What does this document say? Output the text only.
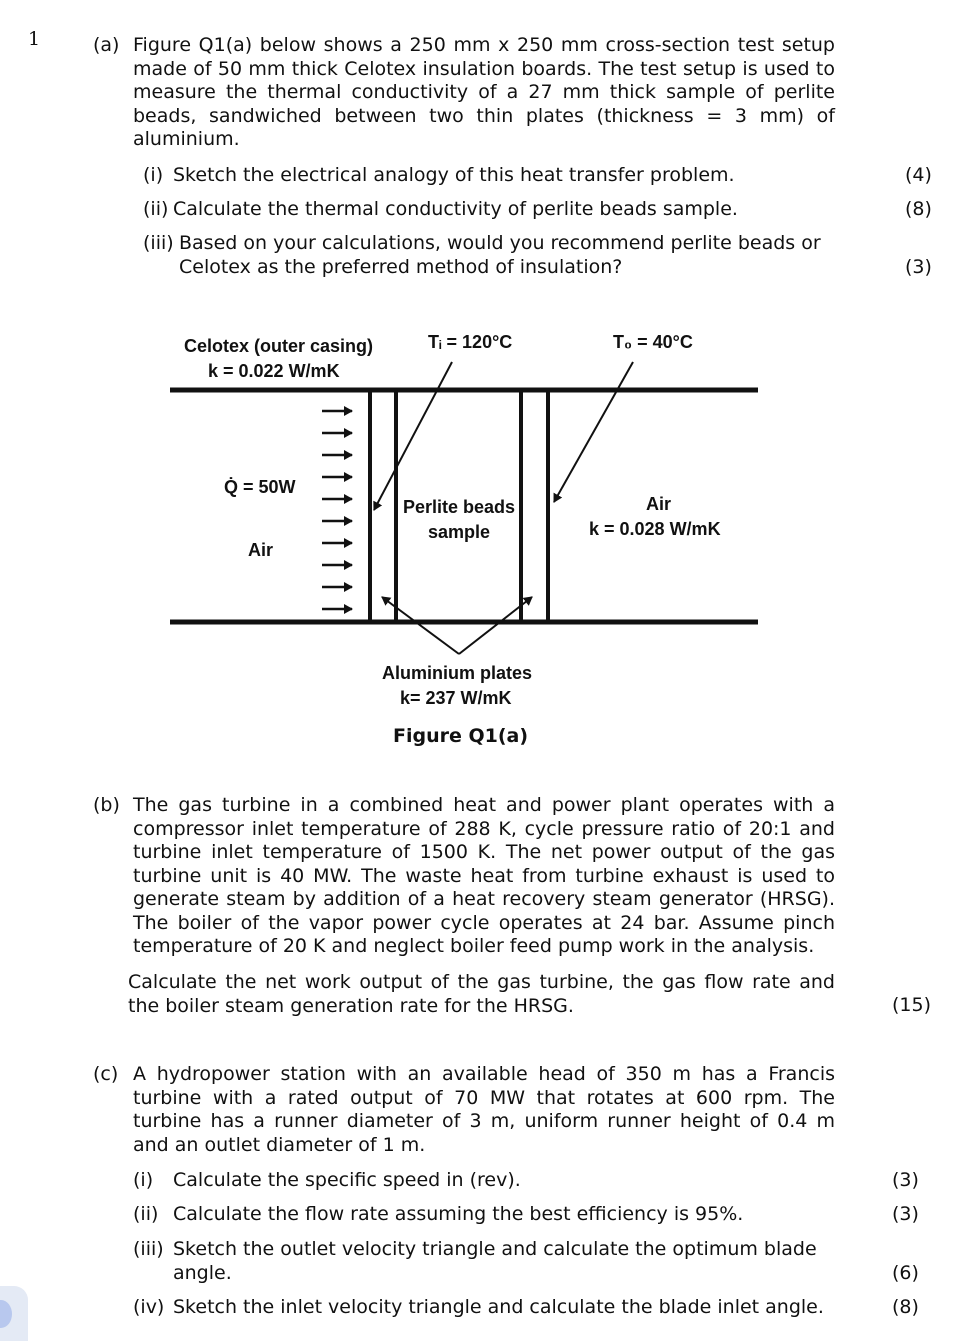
1	(a) Figure Q1(a) below shows a 250 mm x 250 mm cross-section test setup made of 50 mm thick Celotex insulation boards. The test setup is used to measure the thermal conductivity of a 27 mm thick sample of perlite beads, sandwiched between two thin plates (thickness = 3 mm) of aluminium.
(i) Sketch the electrical analogy of this heat transfer problem.	(4)
(ii) Calculate the thermal conductivity of perlite beads sample.	(8)
(iii) Based on your calculations, would you recommend perlite beads or Celotex as the preferred method of insulation?	(3)
Celotex (outer casing)
k = 0.022 W/mK
Tᵢ = 120°C	T₀ = 40°C
Q̇ = 50W
Air
Perlite beads
sample
Air
k = 0.028 W/mK
Aluminium plates
k= 237 W/mK
Figure Q1(a)
(b) The gas turbine in a combined heat and power plant operates with a compressor inlet temperature of 288 K, cycle pressure ratio of 20:1 and turbine inlet temperature of 1500 K. The net power output of the gas turbine unit is 40 MW. The waste heat from turbine exhaust is used to generate steam by addition of a heat recovery steam generator (HRSG). The boiler of the vapor power cycle operates at 24 bar. Assume pinch temperature of 20 K and neglect boiler feed pump work in the analysis.
Calculate the net work output of the gas turbine, the gas flow rate and the boiler steam generation rate for the HRSG.	(15)
(c) A hydropower station with an available head of 350 m has a Francis turbine with a rated output of 70 MW that rotates at 600 rpm. The turbine has a runner diameter of 3 m, uniform runner height of 0.4 m and an outlet diameter of 1 m.
(i) Calculate the specific speed in (rev).	(3)
(ii) Calculate the flow rate assuming the best efficiency is 95%.	(3)
(iii) Sketch the outlet velocity triangle and calculate the optimum blade angle.	(6)
(iv) Sketch the inlet velocity triangle and calculate the blade inlet angle.	(8)
